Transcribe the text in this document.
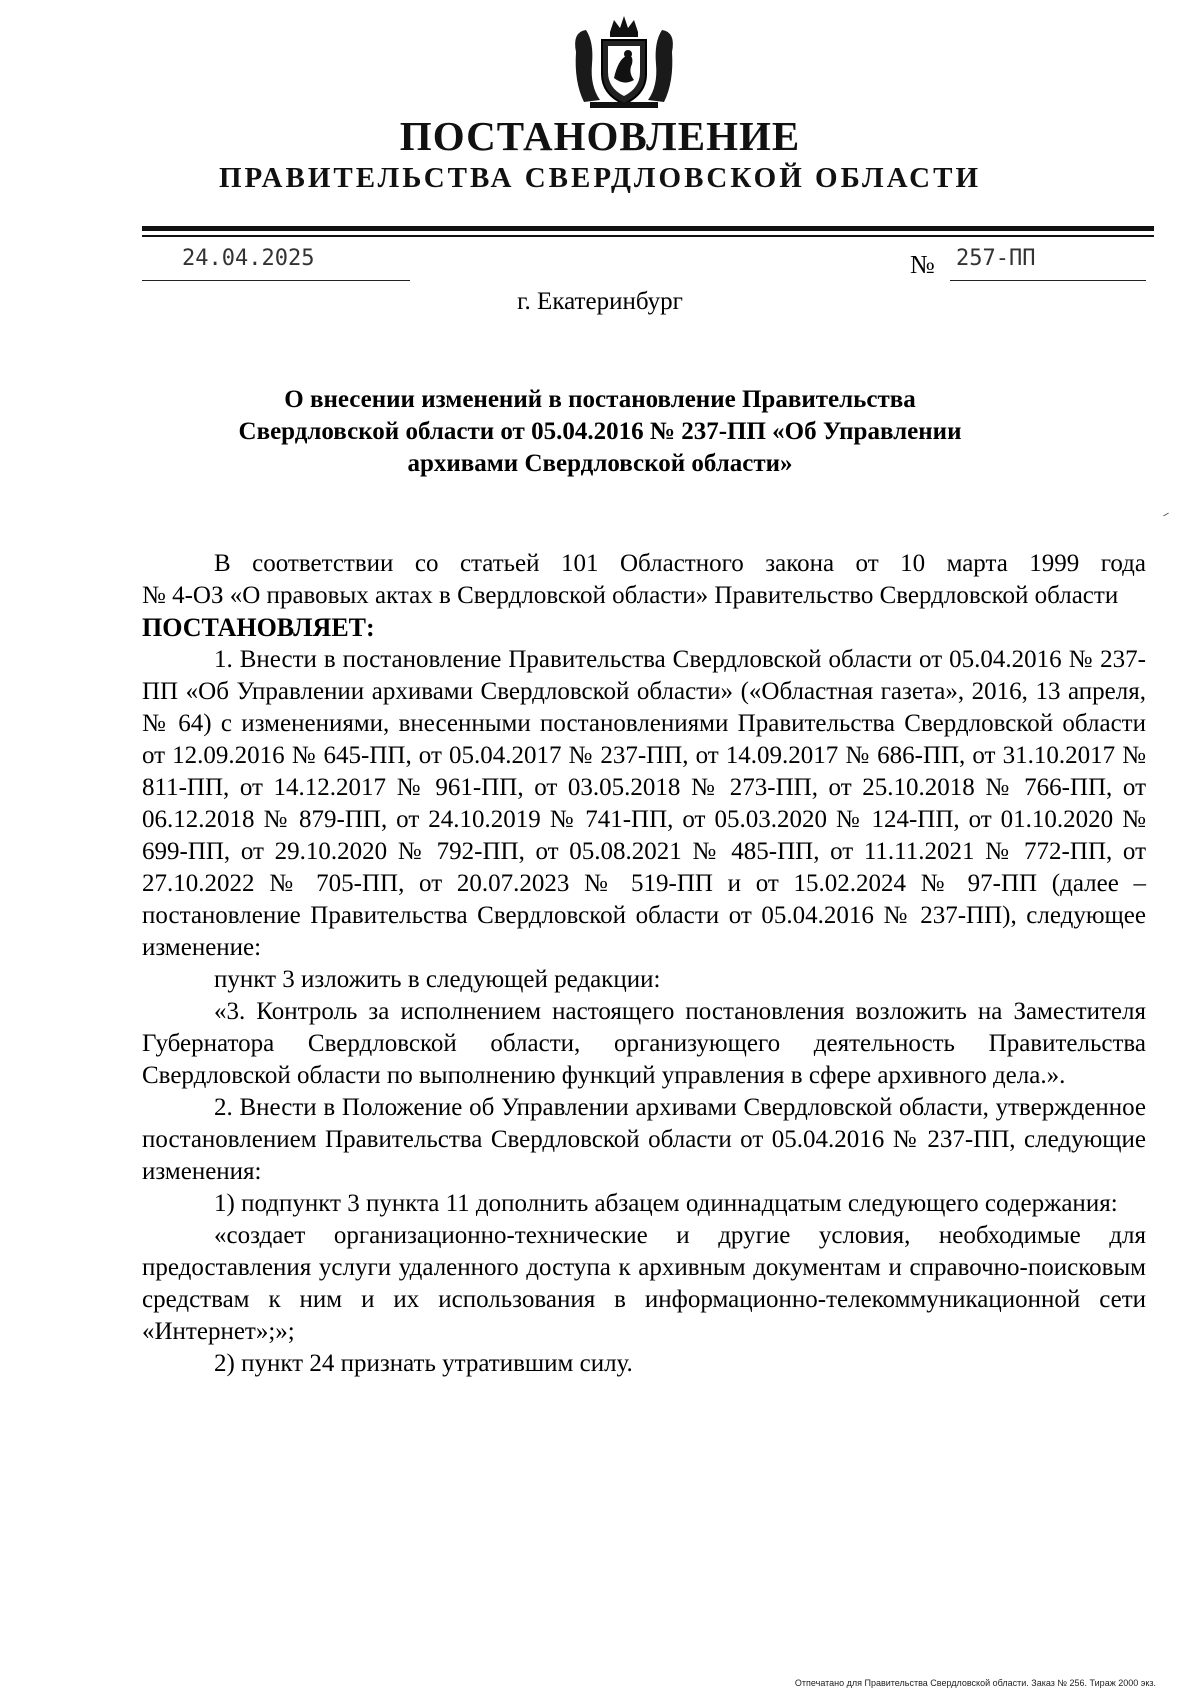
ПОСТАНОВЛЕНИЕ
ПРАВИТЕЛЬСТВА СВЕРДЛОВСКОЙ ОБЛАСТИ
24.04.2025	№ 257-ПП
г. Екатеринбург
О внесении изменений в постановление Правительства
Свердловской области от 05.04.2016 № 237-ПП «Об Управлении
архивами Свердловской области»

В соответствии со статьей 101 Областного закона от 10 марта 1999 года
№ 4-ОЗ «О правовых актах в Свердловской области» Правительство Свердловской области

ПОСТАНОВЛЯЕТ:

1. Внести в постановление Правительства Свердловской области от 05.04.2016 № 237-ПП «Об Управлении архивами Свердловской области» («Областная газета», 2016, 13 апреля, № 64) с изменениями, внесенными постановлениями Правительства Свердловской области от 12.09.2016 № 645-ПП, от 05.04.2017 № 237-ПП, от 14.09.2017 № 686-ПП, от 31.10.2017 № 811-ПП, от 14.12.2017 № 961-ПП, от 03.05.2018 № 273-ПП, от 25.10.2018 № 766-ПП, от 06.12.2018 № 879-ПП, от 24.10.2019 № 741-ПП, от 05.03.2020 № 124-ПП, от 01.10.2020 № 699-ПП, от 29.10.2020 № 792-ПП, от 05.08.2021 № 485-ПП, от 11.11.2021 № 772-ПП, от 27.10.2022 № 705-ПП, от 20.07.2023 № 519-ПП и от 15.02.2024 № 97-ПП (далее – постановление Правительства Свердловской области от 05.04.2016 № 237-ПП), следующее изменение:

пункт 3 изложить в следующей редакции:

«3. Контроль за исполнением настоящего постановления возложить на Заместителя Губернатора Свердловской области, организующего деятельность Правительства Свердловской области по выполнению функций управления в сфере архивного дела.».

2. Внести в Положение об Управлении архивами Свердловской области, утвержденное постановлением Правительства Свердловской области от 05.04.2016 № 237-ПП, следующие изменения:

1) подпункт 3 пункта 11 дополнить абзацем одиннадцатым следующего содержания:

«создает организационно-технические и другие условия, необходимые для предоставления услуги удаленного доступа к архивным документам и справочно-поисковым средствам к ним и их использования в информационно-телекоммуникационной сети «Интернет»;»;

2) пункт 24 признать утратившим силу.

Отпечатано для Правительства Свердловской области. Заказ № 256. Тираж 2000 экз.
